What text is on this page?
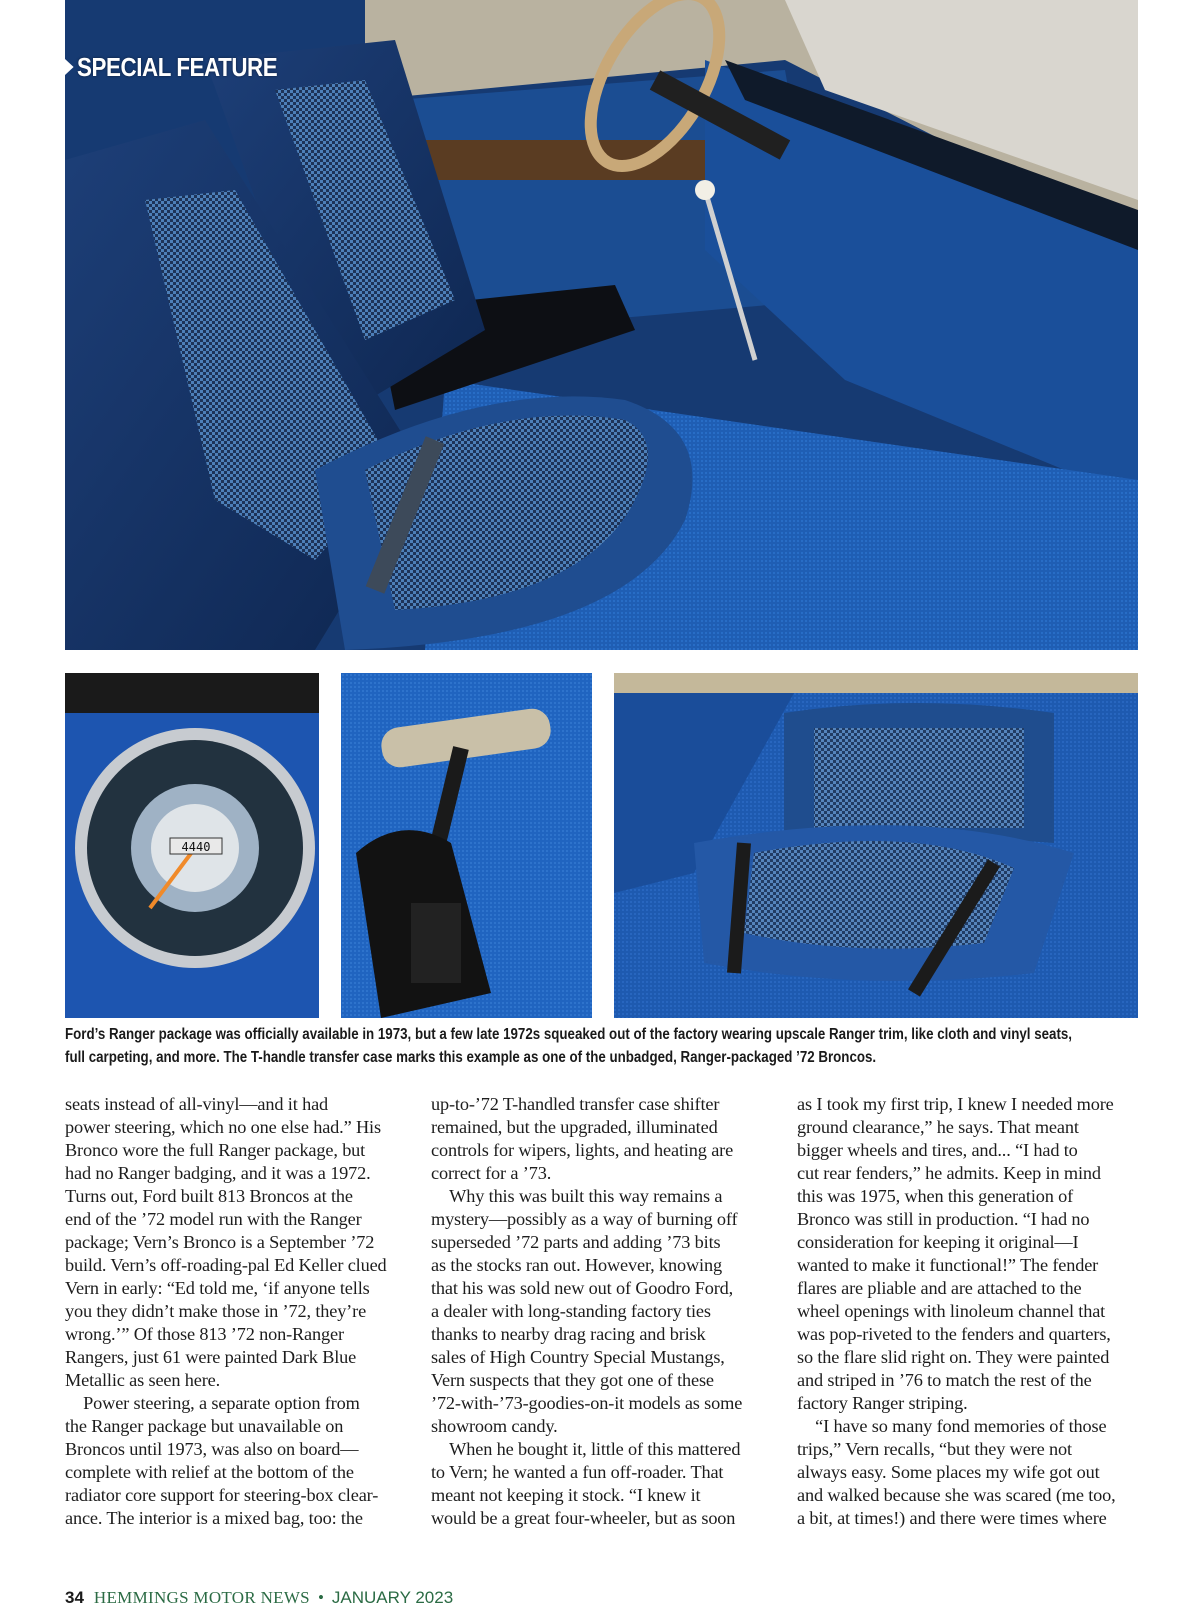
SPECIAL FEATURE
4440

Ford’s Ranger package was officially available in 1973, but a few late 1972s squeaked out of the factory wearing upscale Ranger trim, like cloth and vinyl seats,

full carpeting, and more. The T-handle transfer case marks this example as one of the unbadged, Ranger-packaged ’72 Broncos.

seats instead of all-vinyl—and it had
power steering, which no one else had.” His
Bronco wore the full Ranger package, but
had no Ranger badging, and it was a 1972.
Turns out, Ford built 813 Broncos at the
end of the ’72 model run with the Ranger
package; Vern’s Bronco is a September ’72
build. Vern’s off-roading-pal Ed Keller clued
Vern in early: “Ed told me, ‘if anyone tells
you they didn’t make those in ’72, they’re
wrong.’” Of those 813 ’72 non-Ranger
Rangers, just 61 were painted Dark Blue
Metallic as seen here.
 Power steering, a separate option from
the Ranger package but unavailable on
Broncos until 1973, was also on board—
complete with relief at the bottom of the
radiator core support for steering-box clear-
ance. The interior is a mixed bag, too: the
up-to-’72 T-handled transfer case shifter
remained, but the upgraded, illuminated
controls for wipers, lights, and heating are
correct for a ’73.
 Why this was built this way remains a
mystery—possibly as a way of burning off
superseded ’72 parts and adding ’73 bits
as the stocks ran out. However, knowing
that his was sold new out of Goodro Ford,
a dealer with long-standing factory ties
thanks to nearby drag racing and brisk
sales of High Country Special Mustangs,
Vern suspects that they got one of these
’72-with-’73-goodies-on-it models as some
showroom candy.
 When he bought it, little of this mattered
to Vern; he wanted a fun off-roader. That
meant not keeping it stock. “I knew it
would be a great four-wheeler, but as soon
as I took my first trip, I knew I needed more
ground clearance,” he says. That meant
bigger wheels and tires, and... “I had to
cut rear fenders,” he admits. Keep in mind
this was 1975, when this generation of
Bronco was still in production. “I had no
consideration for keeping it original—I
wanted to make it functional!” The fender
flares are pliable and are attached to the
wheel openings with linoleum channel that
was pop-riveted to the fenders and quarters,
so the flare slid right on. They were painted
and striped in ’76 to match the rest of the
factory Ranger striping.
 “I have so many fond memories of those
trips,” Vern recalls, “but they were not
always easy. Some places my wife got out
and walked because she was scared (me too,
a bit, at times!) and there were times where
34 HEMMINGS MOTOR NEWS • JANUARY 2023
